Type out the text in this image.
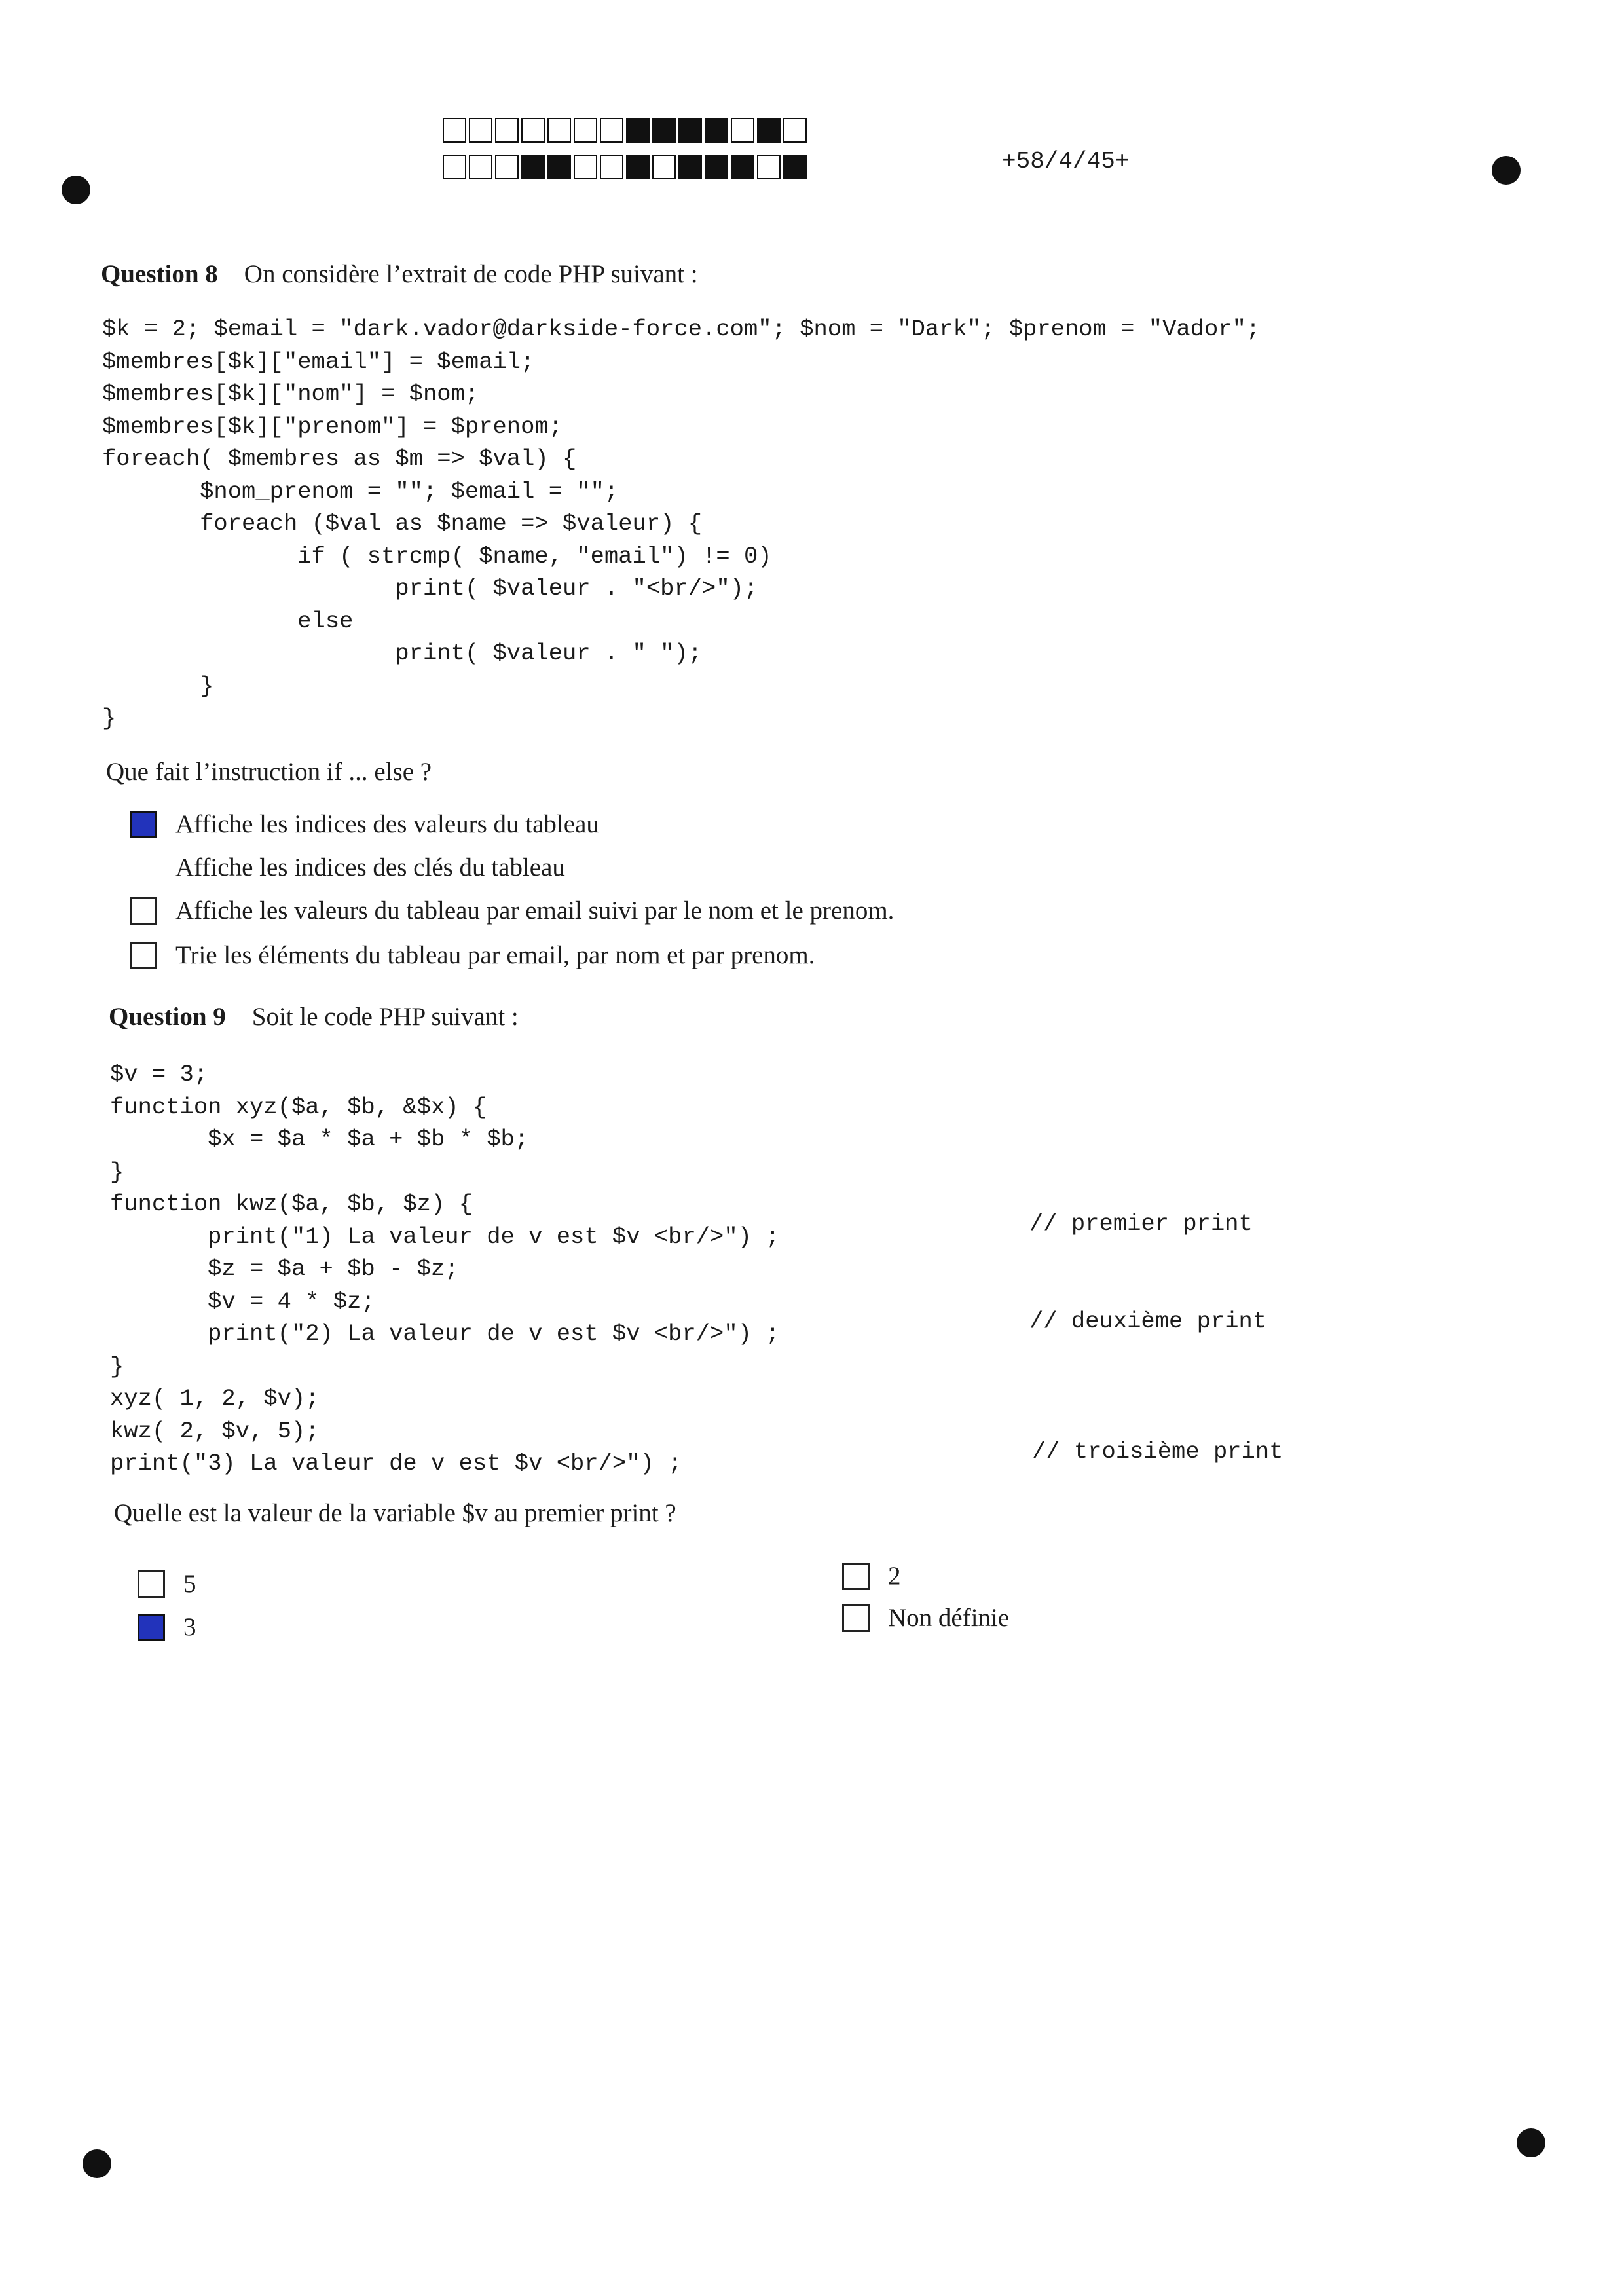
+58/4/45+
Question 8 On considère l’extrait de code PHP suivant :
$k = 2; $email = "dark.vador@darkside-force.com"; $nom = "Dark"; $prenom = "Vador";
$membres[$k]["email"] = $email;
$membres[$k]["nom"] = $nom;
$membres[$k]["prenom"] = $prenom;
foreach( $membres as $m => $val) {
$nom_prenom = ""; $email = "";
foreach ($val as $name => $valeur) {
if ( strcmp( $name, "email") != 0)
print( $valeur . "<br/>");
else
print( $valeur . " ");
}
}
Que fait l’instruction if ... else ?
Affiche les indices des valeurs du tableau
Affiche les indices des clés du tableau
Affiche les valeurs du tableau par email suivi par le nom et le prenom.
Trie les éléments du tableau par email, par nom et par prenom.
Question 9 Soit le code PHP suivant :
$v = 3;
function xyz($a, $b, &$x) {
$x = $a * $a + $b * $b;
}
function kwz($a, $b, $z) {
print("1) La valeur de v est $v <br/>") ;
$z = $a + $b - $z;
$v = 4 * $z;
print("2) La valeur de v est $v <br/>") ;
}
xyz( 1, 2, $v);
kwz( 2, $v, 5);
print("3) La valeur de v est $v <br/>") ;
// premier print
// deuxième print
// troisième print
Quelle est la valeur de la variable $v au premier print ?
5
3
2
Non définie
